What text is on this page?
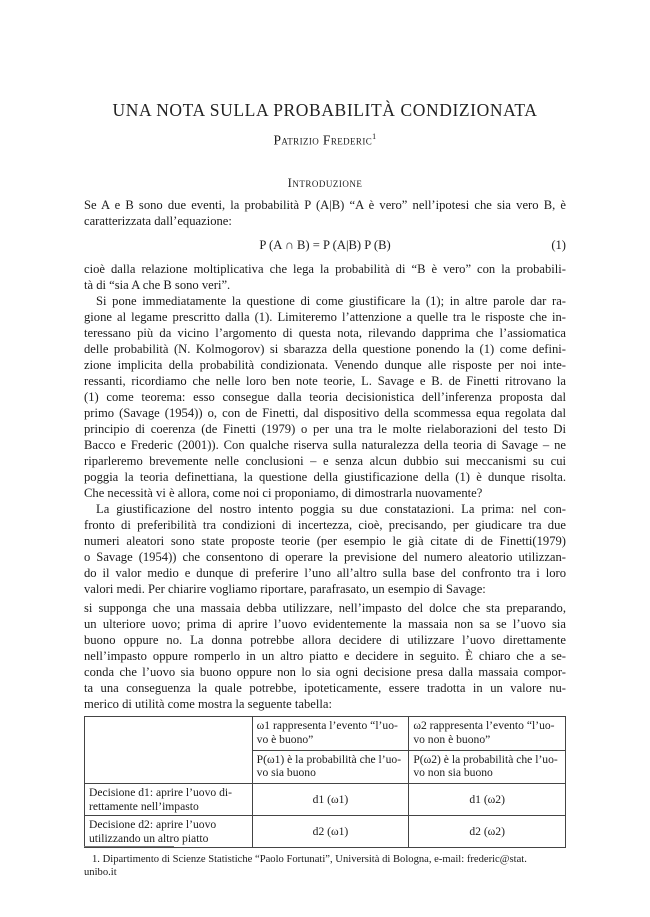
UNA NOTA SULLA PROBABILITÀ CONDIZIONATA
Patrizio Frederic$^1$
Introduzione
Se A e B sono due eventi, la probabilità P (A|B) “A è vero” nell’ipotesi che sia vero B, è
caratterizzata dall’equazione:
P (A ∩ B) = P (A|B) P (B)	(1)
cioè dalla relazione moltiplicativa che lega la probabilità di “B è vero” con la probabili-
tà di “sia A che B sono veri”.
Si pone immediatamente la questione di come giustificare la (1); in altre parole dar ra-
gione al legame prescritto dalla (1). Limiteremo l’attenzione a quelle tra le risposte che in-
teressano più da vicino l’argomento di questa nota, rilevando dapprima che l’assiomatica
delle probabilità (N. Kolmogorov) si sbarazza della questione ponendo la (1) come defini-
zione implicita della probabilità condizionata. Venendo dunque alle risposte per noi inte-
ressanti, ricordiamo che nelle loro ben note teorie, L. Savage e B. de Finetti ritrovano la
(1) come teorema: esso consegue dalla teoria decisionistica dell’inferenza proposta dal
primo (Savage (1954)) o, con de Finetti, dal dispositivo della scommessa equa regolata dal
principio di coerenza (de Finetti (1979) o per una tra le molte rielaborazioni del testo Di
Bacco e Frederic (2001)). Con qualche riserva sulla naturalezza della teoria di Savage – ne
riparleremo brevemente nelle conclusioni – e senza alcun dubbio sui meccanismi su cui
poggia la teoria definettiana, la questione della giustificazione della (1) è dunque risolta.
Che necessità vi è allora, come noi ci proponiamo, di dimostrarla nuovamente?
La giustificazione del nostro intento poggia su due constatazioni. La prima: nel con-
fronto di preferibilità tra condizioni di incertezza, cioè, precisando, per giudicare tra due
numeri aleatori sono state proposte teorie (per esempio le già citate di de Finetti(1979)
o Savage (1954)) che consentono di operare la previsione del numero aleatorio utilizzan-
do il valor medio e dunque di preferire l’uno all’altro sulla base del confronto tra i loro
valori medi. Per chiarire vogliamo riportare, parafrasato, un esempio di Savage:
si supponga che una massaia debba utilizzare, nell’impasto del dolce che sta preparando,
un ulteriore uovo; prima di aprire l’uovo evidentemente la massaia non sa se l’uovo sia
buono oppure no. La donna potrebbe allora decidere di utilizzare l’uovo direttamente
nell’impasto oppure romperlo in un altro piatto e decidere in seguito. È chiaro che a se-
conda che l’uovo sia buono oppure non lo sia ogni decisione presa dalla massaia compor-
ta una conseguenza la quale potrebbe, ipoteticamente, essere tradotta in un valore nu-
merico di utilità come mostra la seguente tabella:
	ω1 rappresenta l’evento “l’uo-vo è buono”	ω2 rappresenta l’evento “l’uo-vo non è buono”
	P(ω1) è la probabilità che l’uo-vo sia buono	P(ω2) è la probabilità che l’uo-vo non sia buono
Decisione d1: aprire l’uovo di-rettamente nell’impasto	d1 (ω1)	d1 (ω2)
Decisione d2: aprire l’uovo utilizzando un altro piatto	d2 (ω1)	d2 (ω2)
1. Dipartimento di Scienze Statistiche “Paolo Fortunati”, Università di Bologna, e-mail: frederic@stat.
unibo.it
